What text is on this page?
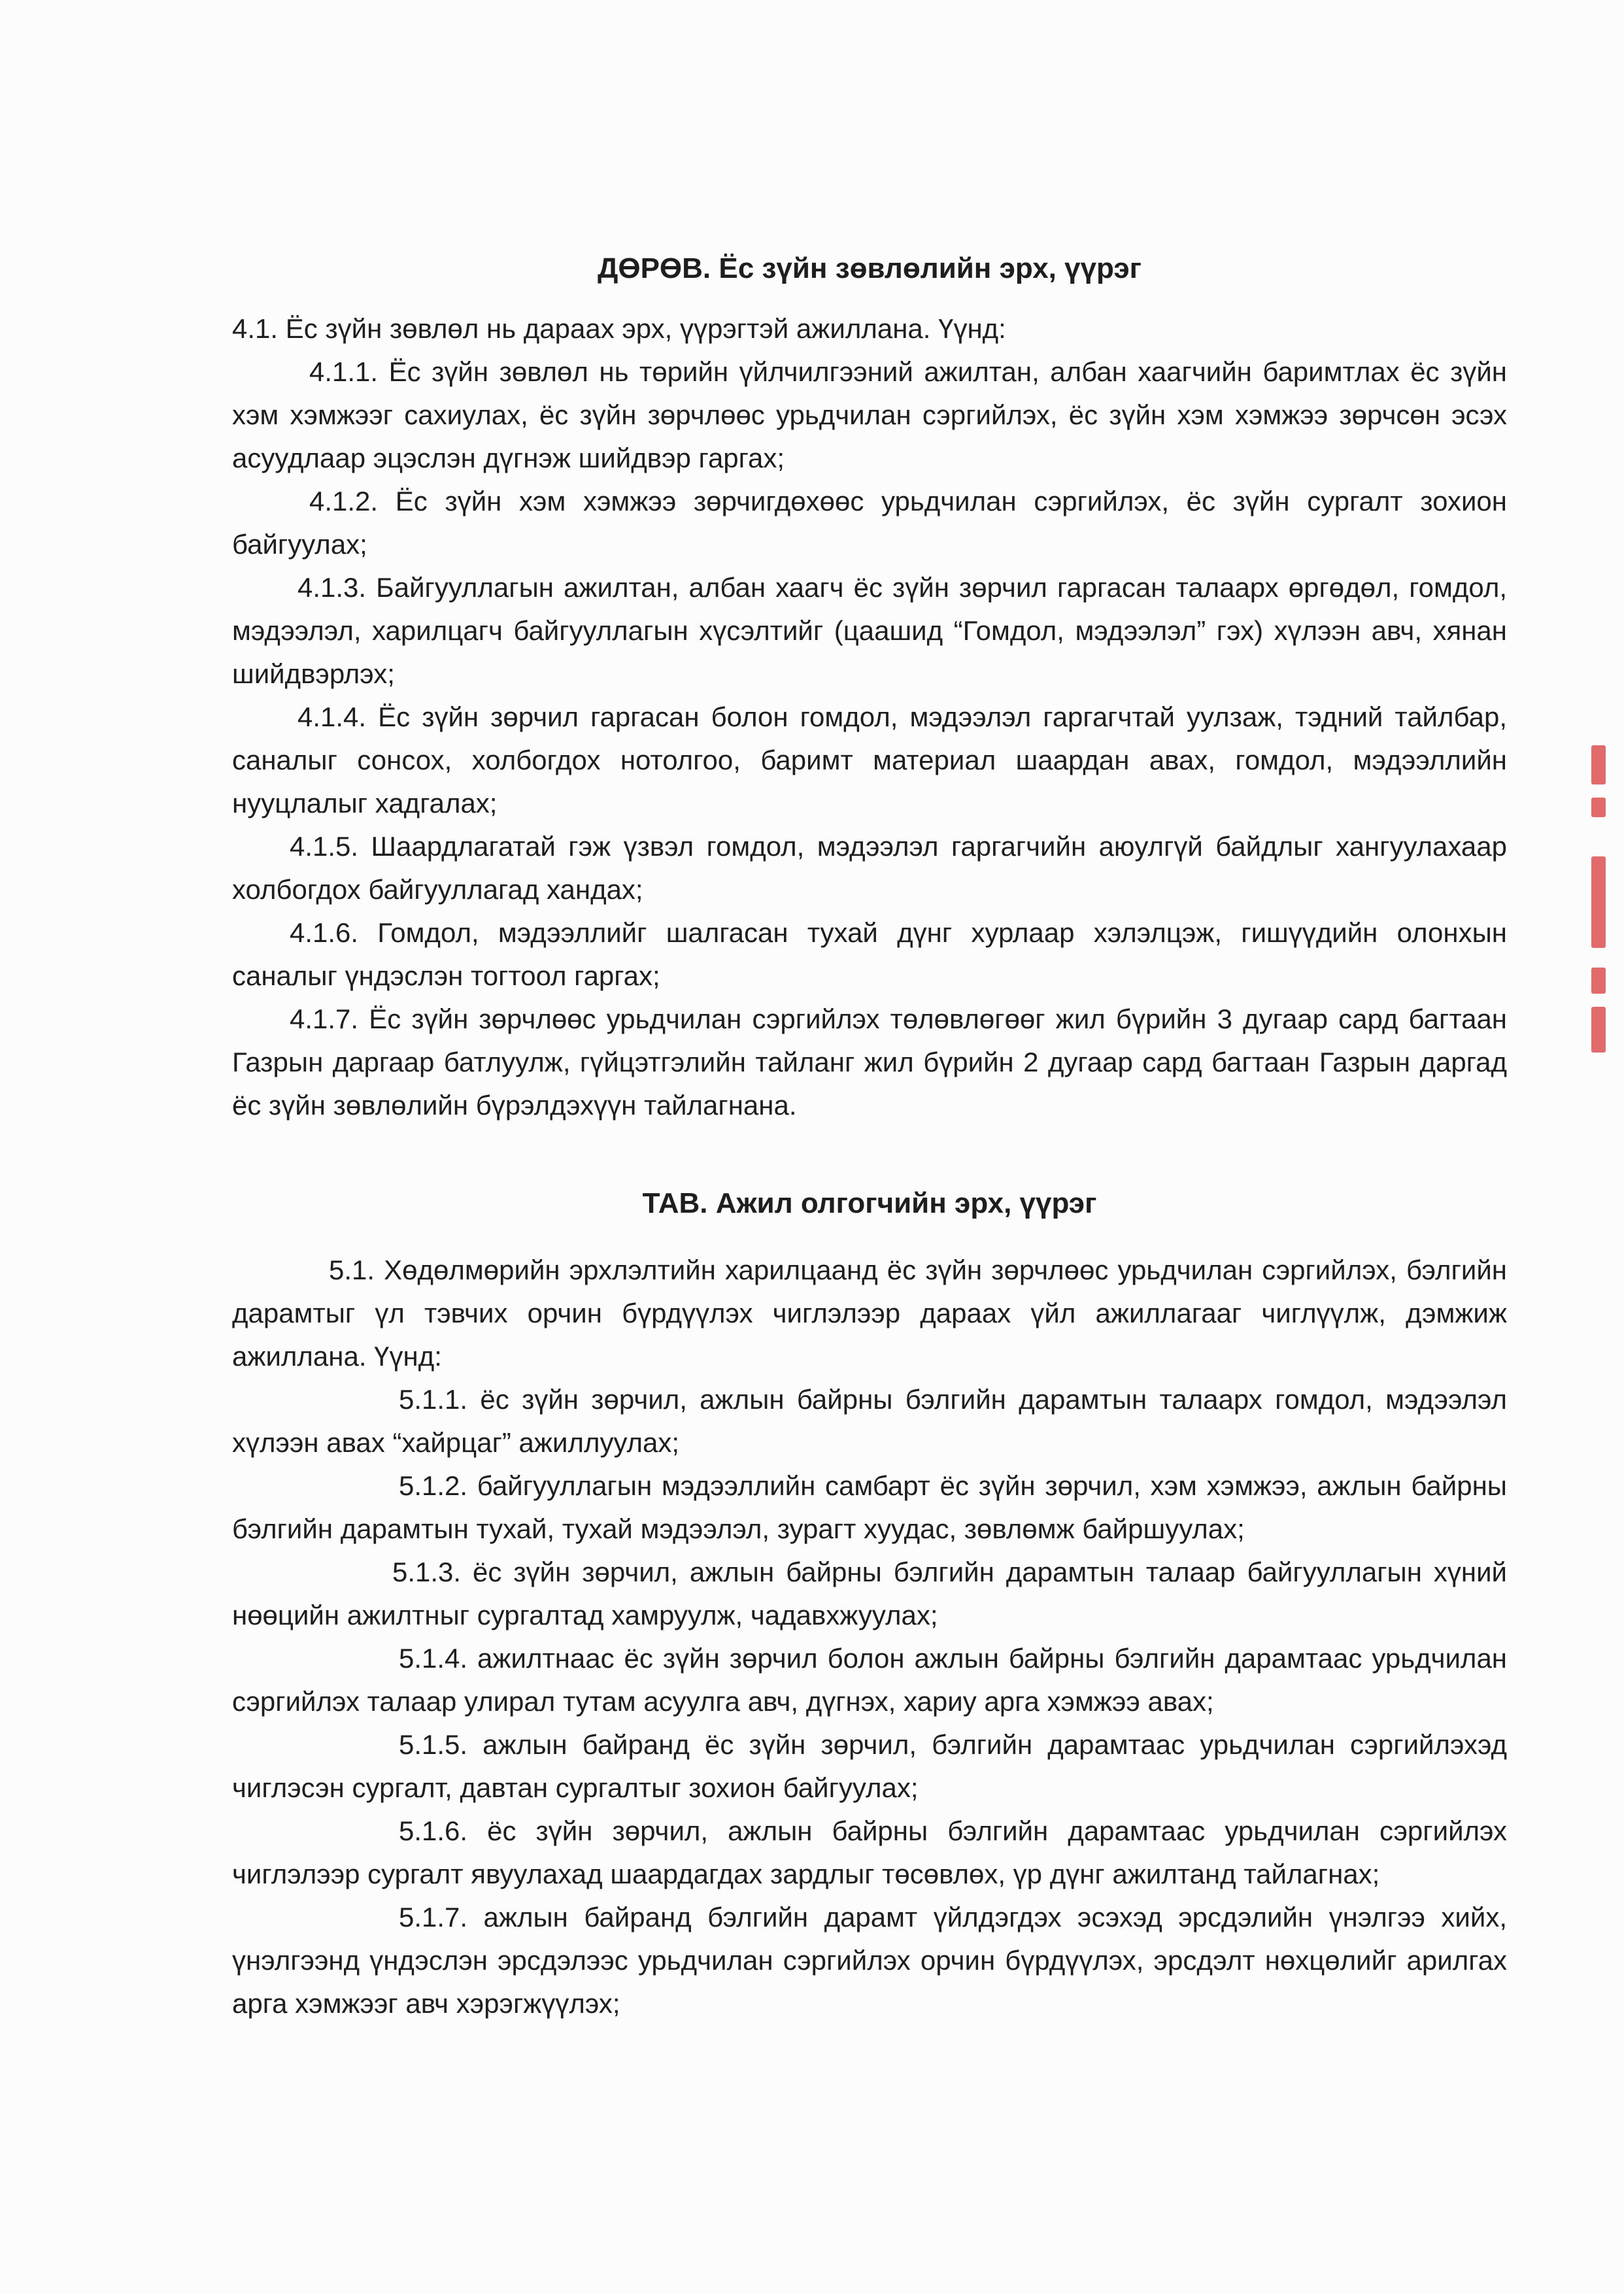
ДӨРӨВ. Ёс зүйн зөвлөлийн эрх, үүрэг

4.1. Ёс зүйн зөвлөл нь дараах эрх, үүрэгтэй ажиллана. Үүнд:

4.1.1. Ёс зүйн зөвлөл нь төрийн үйлчилгээний ажилтан, албан хаагчийн баримтлах ёс зүйн хэм хэмжээг сахиулах, ёс зүйн зөрчлөөс урьдчилан сэргийлэх, ёс зүйн хэм хэмжээ зөрчсөн эсэх асуудлаар эцэслэн дүгнэж шийдвэр гаргах;

4.1.2. Ёс зүйн хэм хэмжээ зөрчигдөхөөс урьдчилан сэргийлэх, ёс зүйн сургалт зохион байгуулах;

4.1.3. Байгууллагын ажилтан, албан хаагч ёс зүйн зөрчил гаргасан талаарх өргөдөл, гомдол, мэдээлэл, харилцагч байгууллагын хүсэлтийг (цаашид “Гомдол, мэдээлэл” гэх) хүлээн авч, хянан шийдвэрлэх;

4.1.4. Ёс зүйн зөрчил гаргасан болон гомдол, мэдээлэл гаргагчтай уулзаж, тэдний тайлбар, саналыг сонсох, холбогдох нотолгоо, баримт материал шаардан авах, гомдол, мэдээллийн нууцлалыг хадгалах;

4.1.5. Шаардлагатай гэж үзвэл гомдол, мэдээлэл гаргагчийн аюулгүй байдлыг хангуулахаар холбогдох байгууллагад хандах;

4.1.6. Гомдол, мэдээллийг шалгасан тухай дүнг хурлаар хэлэлцэж, гишүүдийн олонхын саналыг үндэслэн тогтоол гаргах;

4.1.7. Ёс зүйн зөрчлөөс урьдчилан сэргийлэх төлөвлөгөөг жил бүрийн 3 дугаар сард багтаан Газрын даргаар батлуулж, гүйцэтгэлийн тайланг жил бүрийн 2 дугаар сард багтаан Газрын даргад ёс зүйн зөвлөлийн бүрэлдэхүүн тайлагнана.

ТАВ. Ажил олгогчийн эрх, үүрэг

5.1. Хөдөлмөрийн эрхлэлтийн харилцаанд ёс зүйн зөрчлөөс урьдчилан сэргийлэх, бэлгийн дарамтыг үл тэвчих орчин бүрдүүлэх чиглэлээр дараах үйл ажиллагааг чиглүүлж, дэмжиж ажиллана. Үүнд:

5.1.1. ёс зүйн зөрчил, ажлын байрны бэлгийн дарамтын талаарх гомдол, мэдээлэл хүлээн авах “хайрцаг” ажиллуулах;

5.1.2. байгууллагын мэдээллийн самбарт ёс зүйн зөрчил, хэм хэмжээ, ажлын байрны бэлгийн дарамтын тухай, тухай мэдээлэл, зурагт хуудас, зөвлөмж байршуулах;

5.1.3. ёс зүйн зөрчил, ажлын байрны бэлгийн дарамтын талаар байгууллагын хүний нөөцийн ажилтныг сургалтад хамруулж, чадавхжуулах;

5.1.4. ажилтнаас ёс зүйн зөрчил болон ажлын байрны бэлгийн дарамтаас урьдчилан сэргийлэх талаар улирал тутам асуулга авч, дүгнэх, хариу арга хэмжээ авах;

5.1.5. ажлын байранд ёс зүйн зөрчил, бэлгийн дарамтаас урьдчилан сэргийлэхэд чиглэсэн сургалт, давтан сургалтыг зохион байгуулах;

5.1.6. ёс зүйн зөрчил, ажлын байрны бэлгийн дарамтаас урьдчилан сэргийлэх чиглэлээр сургалт явуулахад шаардагдах зардлыг төсөвлөх, үр дүнг ажилтанд тайлагнах;

5.1.7. ажлын байранд бэлгийн дарамт үйлдэгдэх эсэхэд эрсдэлийн үнэлгээ хийх, үнэлгээнд үндэслэн эрсдэлээс урьдчилан сэргийлэх орчин бүрдүүлэх, эрсдэлт нөхцөлийг арилгах арга хэмжээг авч хэрэгжүүлэх;
